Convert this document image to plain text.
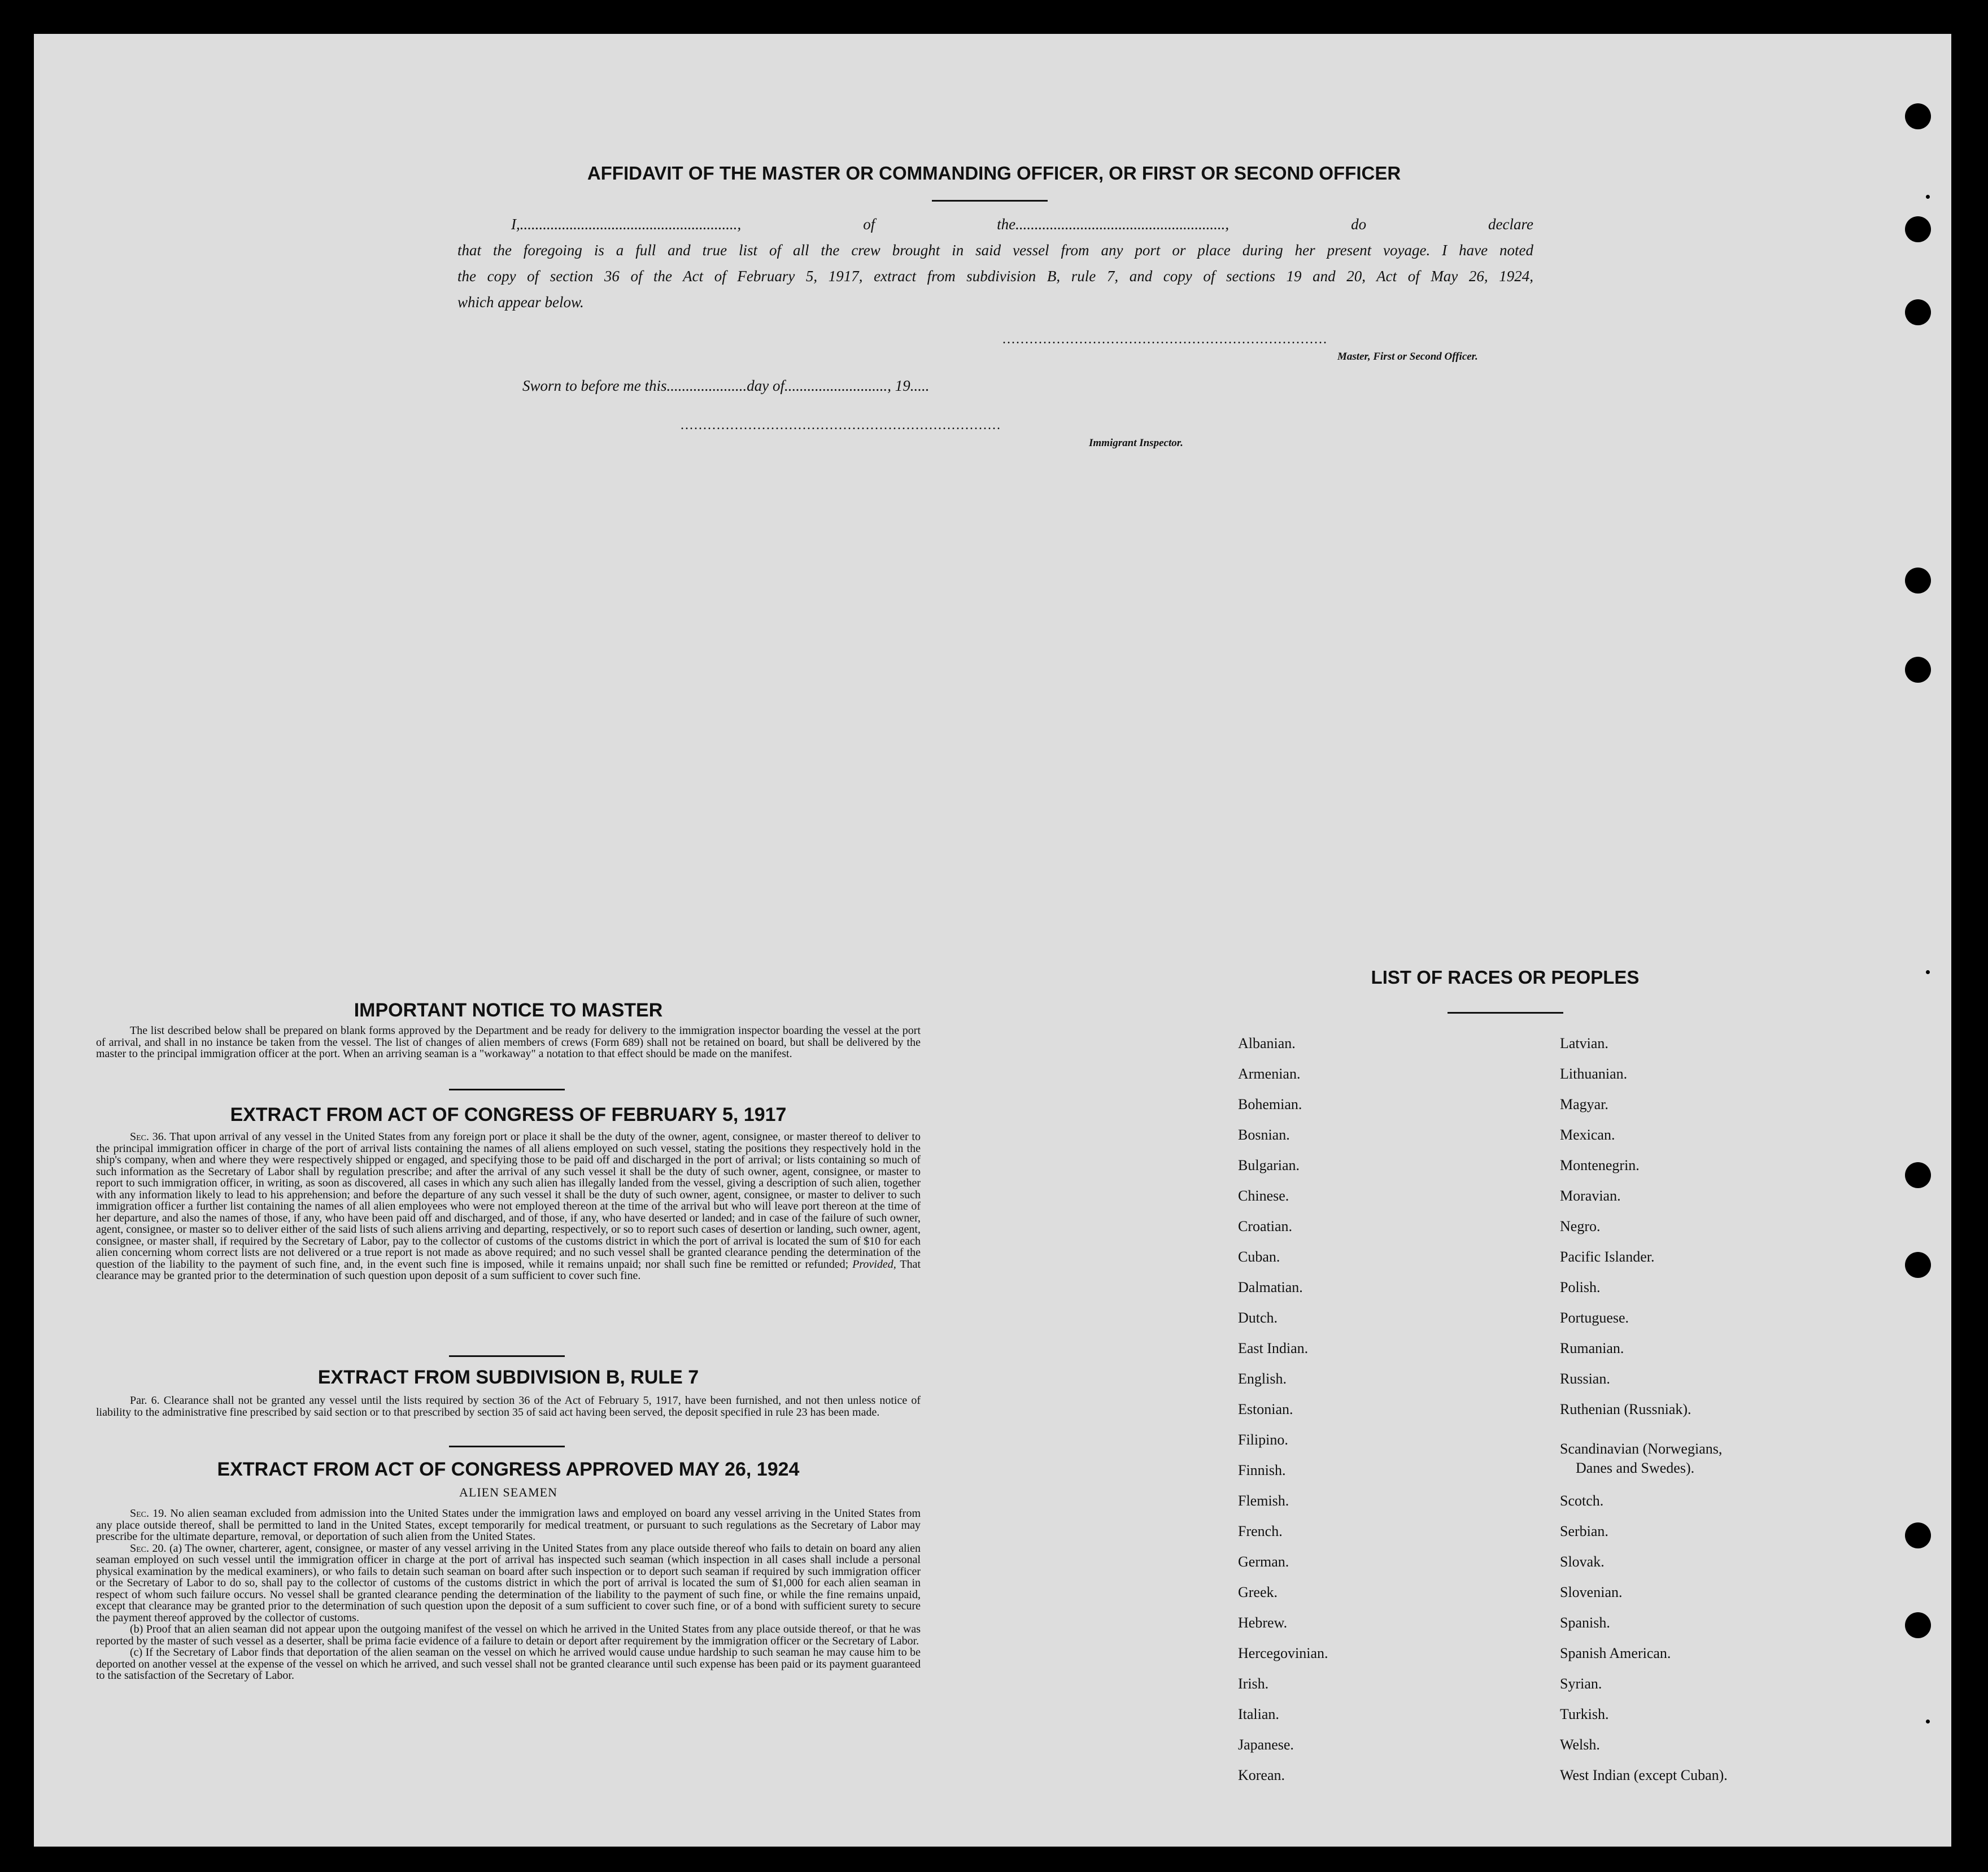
AFFIDAVIT OF THE MASTER OR COMMANDING OFFICER, OR FIRST OR SECOND OFFICER
I,........................................................., of the......................................................., do declare
that the foregoing is a full and true list of all the crew brought in said vessel from any port or place during her present voyage. I have noted
the copy of section 36 of the Act of February 5, 1917, extract from subdivision B, rule 7, and copy of sections 19 and 20, Act of May 26, 1924,
which appear below.
........................................................................
Master, First or Second Officer.
Sworn to before me this.....................day of..........................., 19.....
.......................................................................
Immigrant Inspector.
IMPORTANT NOTICE TO MASTER

The list described below shall be prepared on blank forms approved by the Department and be ready for delivery to the immigration inspector boarding the vessel at the port of arrival, and shall in no instance be taken from the vessel. The list of changes of alien members of crews (Form 689) shall not be retained on board, but shall be delivered by the master to the principal immigration officer at the port. When an arriving seaman is a "workaway" a notation to that effect should be made on the manifest.

EXTRACT FROM ACT OF CONGRESS OF FEBRUARY 5, 1917

Sec. 36. That upon arrival of any vessel in the United States from any foreign port or place it shall be the duty of the owner, agent, consignee, or master thereof to deliver to the principal immigration officer in charge of the port of arrival lists containing the names of all aliens employed on such vessel, stating the positions they respectively hold in the ship's company, when and where they were respectively shipped or engaged, and specifying those to be paid off and discharged in the port of arrival; or lists containing so much of such information as the Secretary of Labor shall by regulation prescribe; and after the arrival of any such vessel it shall be the duty of such owner, agent, consignee, or master to report to such immigration officer, in writing, as soon as discovered, all cases in which any such alien has illegally landed from the vessel, giving a description of such alien, together with any information likely to lead to his apprehension; and before the departure of any such vessel it shall be the duty of such owner, agent, consignee, or master to deliver to such immigration officer a further list containing the names of all alien employees who were not employed thereon at the time of the arrival but who will leave port thereon at the time of her departure, and also the names of those, if any, who have been paid off and discharged, and of those, if any, who have deserted or landed; and in case of the failure of such owner, agent, consignee, or master so to deliver either of the said lists of such aliens arriving and departing, respectively, or so to report such cases of desertion or landing, such owner, agent, consignee, or master shall, if required by the Secretary of Labor, pay to the collector of customs of the customs district in which the port of arrival is located the sum of $10 for each alien concerning whom correct lists are not delivered or a true report is not made as above required; and no such vessel shall be granted clearance pending the determination of the question of the liability to the payment of such fine, and, in the event such fine is imposed, while it remains unpaid; nor shall such fine be remitted or refunded; Provided, That clearance may be granted prior to the determination of such question upon deposit of a sum sufficient to cover such fine.

EXTRACT FROM SUBDIVISION B, RULE 7

Par. 6. Clearance shall not be granted any vessel until the lists required by section 36 of the Act of February 5, 1917, have been furnished, and not then unless notice of liability to the administrative fine prescribed by said section or to that prescribed by section 35 of said act having been served, the deposit specified in rule 23 has been made.

EXTRACT FROM ACT OF CONGRESS APPROVED MAY 26, 1924
ALIEN SEAMEN

Sec. 19. No alien seaman excluded from admission into the United States under the immigration laws and employed on board any vessel arriving in the United States from any place outside thereof, shall be permitted to land in the United States, except temporarily for medical treatment, or pursuant to such regulations as the Secretary of Labor may prescribe for the ultimate departure, removal, or deportation of such alien from the United States.

Sec. 20. (a) The owner, charterer, agent, consignee, or master of any vessel arriving in the United States from any place outside thereof who fails to detain on board any alien seaman employed on such vessel until the immigration officer in charge at the port of arrival has inspected such seaman (which inspection in all cases shall include a personal physical examination by the medical examiners), or who fails to detain such seaman on board after such inspection or to deport such seaman if required by such immigration officer or the Secretary of Labor to do so, shall pay to the collector of customs of the customs district in which the port of arrival is located the sum of $1,000 for each alien seaman in respect of whom such failure occurs. No vessel shall be granted clearance pending the determination of the liability to the payment of such fine, or while the fine remains unpaid, except that clearance may be granted prior to the determination of such question upon the deposit of a sum sufficient to cover such fine, or of a bond with sufficient surety to secure the payment thereof approved by the collector of customs.

(b) Proof that an alien seaman did not appear upon the outgoing manifest of the vessel on which he arrived in the United States from any place outside thereof, or that he was reported by the master of such vessel as a deserter, shall be prima facie evidence of a failure to detain or deport after requirement by the immigration officer or the Secretary of Labor.

(c) If the Secretary of Labor finds that deportation of the alien seaman on the vessel on which he arrived would cause undue hardship to such seaman he may cause him to be deported on another vessel at the expense of the vessel on which he arrived, and such vessel shall not be granted clearance until such expense has been paid or its payment guaranteed to the satisfaction of the Secretary of Labor.

LIST OF RACES OR PEOPLES
Albanian.
Armenian.
Bohemian.
Bosnian.
Bulgarian.
Chinese.
Croatian.
Cuban.
Dalmatian.
Dutch.
East Indian.
English.
Estonian.
Filipino.
Finnish.
Flemish.
French.
German.
Greek.
Hebrew.
Hercegovinian.
Irish.
Italian.
Japanese.
Korean.
Latvian.
Lithuanian.
Magyar.
Mexican.
Montenegrin.
Moravian.
Negro.
Pacific Islander.
Polish.
Portuguese.
Rumanian.
Russian.
Ruthenian (Russniak).
Scandinavian (Norwegians,
Danes and Swedes).
Scotch.
Serbian.
Slovak.
Slovenian.
Spanish.
Spanish American.
Syrian.
Turkish.
Welsh.
West Indian (except Cuban).
